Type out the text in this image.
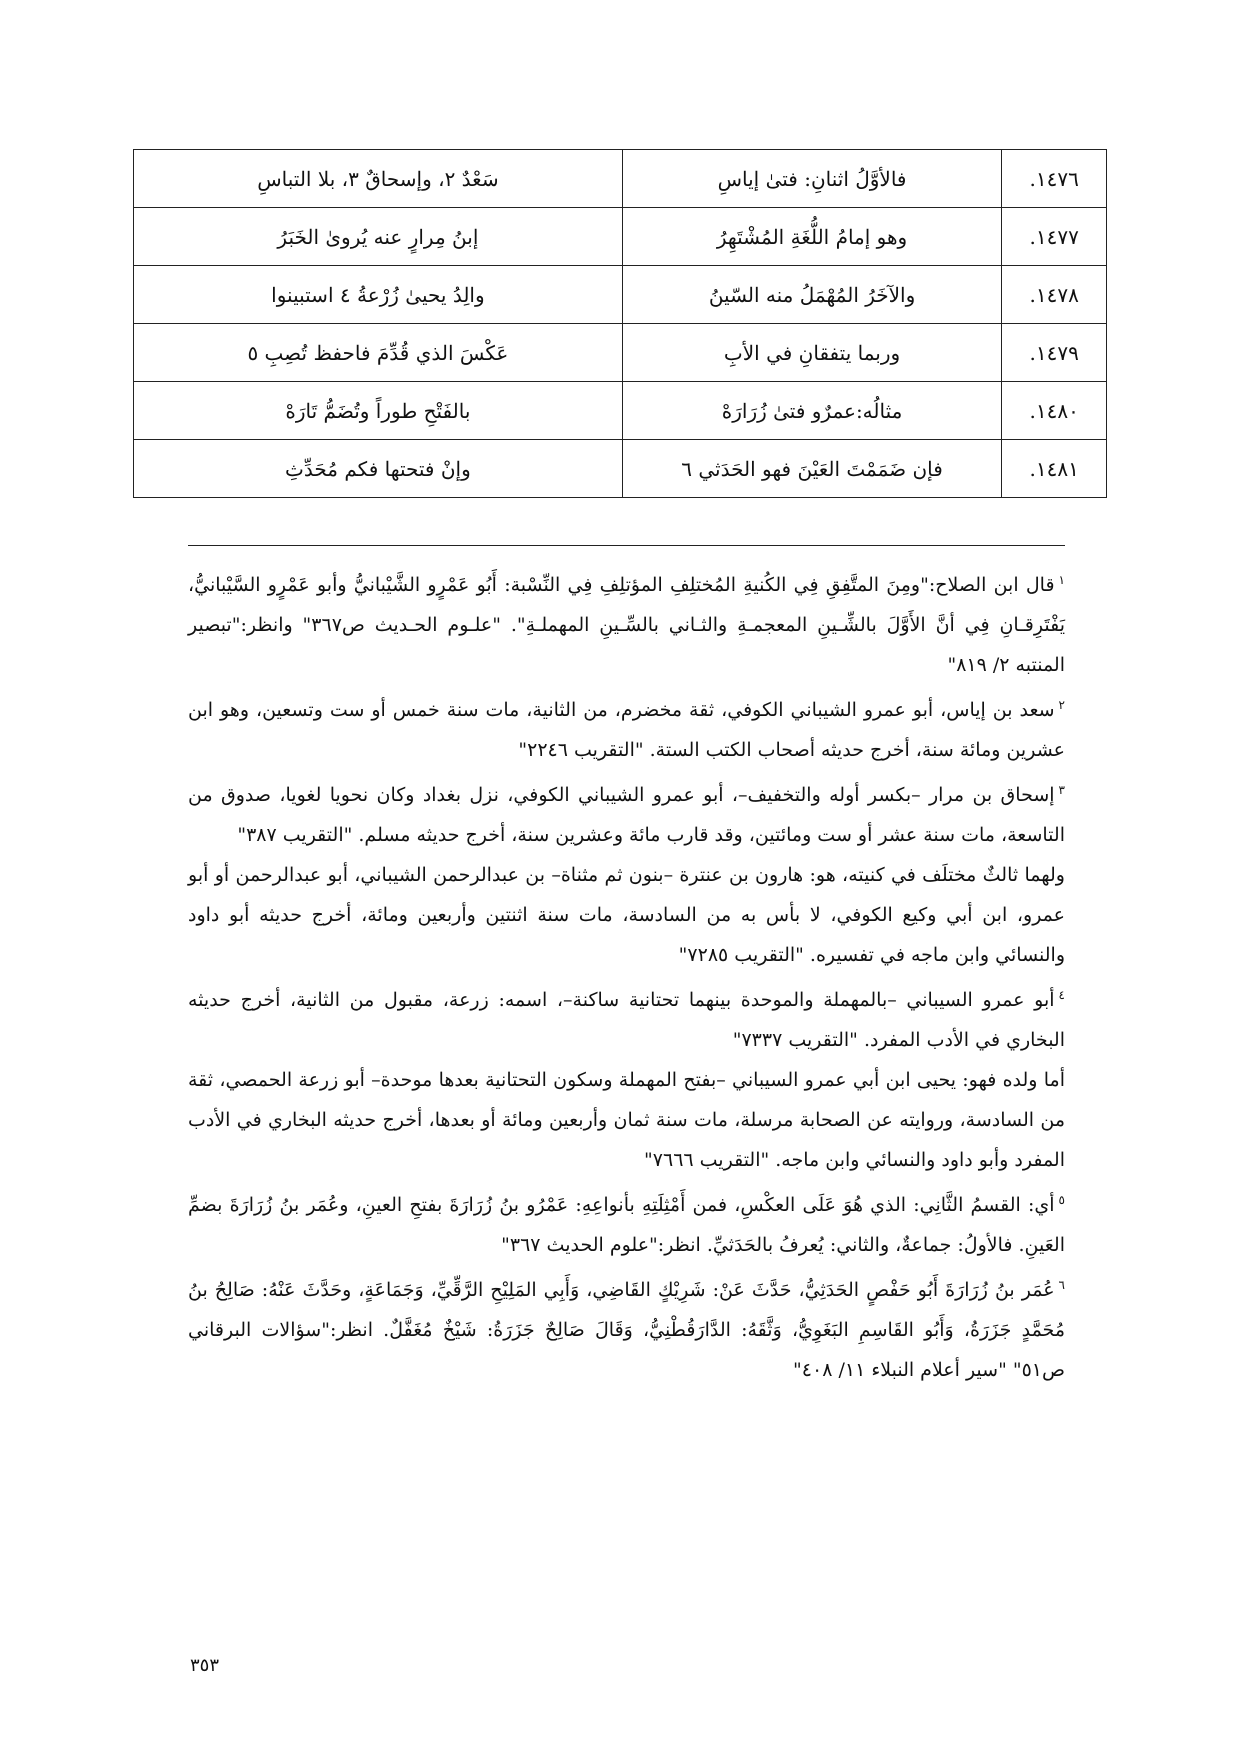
١٤٧٦.	فالأوَّلُ اثنانِ: فتىٰ إياسِ	سَعْدٌ ٢، وإسحاقٌ ٣، بلا التباسِ
١٤٧٧.	وهو إمامُ اللُّغَةِ المُشْتَهِرُ	إبنُ مِرارٍ عنه يُروىٰ الخَبَرُ
١٤٧٨.	والآخَرُ المُهْمَلُ منه السّينُ	والِدُ يحيىٰ زُرْعةُ ٤ استبينوا
١٤٧٩.	وربما يتفقانِ في الأبِ	عَكْسَ الذي قُدِّمَ فاحفظ تُصِبِ ٥
١٤٨٠.	مثالُه:عمرٌو فتىٰ زُرَارَهْ	بالفَتْحِ طوراً وتُضَمُّ تَارَهْ
١٤٨١.	فإن ضَمَمْتَ العَيْنَ فهو الحَدَثي ٦	وإنْ فتحتها فكم مُحَدِّثِ

$^١$قال ابن الصلاح:"ومِنَ المتَّفِقِ فِي الكُنيةِ المُختلِفِ المؤتلِفِ فِي النِّسْبة: أَبُو عَمْرٍو الشَّيْبانيُّ وأبو عَمْرٍو السَّيْبانيُّ، يَفْتَرِقـانِ فِي أنَّ الأَوَّلَ بالشِّـينِ المعجمـةِ والثـاني بالسِّـينِ المهملـةِ". "علـوم الحـديث ص٣٦٧" وانظر:"تبصير المنتبه ٢/ ٨١٩"

$^٢$سعد بن إياس، أبو عمرو الشيباني الكوفي، ثقة مخضرم، من الثانية، مات سنة خمس أو ست وتسعين، وهو ابن عشرين ومائة سنة، أخرج حديثه أصحاب الكتب الستة. "التقريب ٢٢٤٦"

$^٣$إسحاق بن مرار –بكسر أوله والتخفيف–، أبو عمرو الشيباني الكوفي، نزل بغداد وكان نحويا لغويا، صدوق من التاسعة، مات سنة عشر أو ست ومائتين، وقد قارب مائة وعشرين سنة، أخرج حديثه مسلم. "التقريب ٣٨٧"

ولهما ثالثٌ مختلَف في كنيته، هو: هارون بن عنترة –بنون ثم مثناة– بن عبدالرحمن الشيباني، أبو عبدالرحمن أو أبو عمرو، ابن أبي وكيع الكوفي، لا بأس به من السادسة، مات سنة اثنتين وأربعين ومائة، أخرج حديثه أبو داود والنسائي وابن ماجه في تفسيره. "التقريب ٧٢٨٥"

$^٤$أبو عمرو السيباني –بالمهملة والموحدة بينهما تحتانية ساكنة–، اسمه: زرعة، مقبول من الثانية، أخرج حديثه البخاري في الأدب المفرد. "التقريب ٧٣٣٧"

أما ولده فهو: يحيى ابن أبي عمرو السيباني –بفتح المهملة وسكون التحتانية بعدها موحدة– أبو زرعة الحمصي، ثقة من السادسة، وروايته عن الصحابة مرسلة، مات سنة ثمان وأربعين ومائة أو بعدها، أخرج حديثه البخاري في الأدب المفرد وأبو داود والنسائي وابن ماجه. "التقريب ٧٦٦٦"

$^٥$أي: القسمُ الثَّانِي: الذي هُوَ عَلَى العكْسِ، فمن أَمْثِلَتِهِ بأنواعِهِ: عَمْرُو بنُ زُرَارَةَ بفتحِ العينِ، وعُمَر بنُ زُرَارَةَ بضمِّ العَينِ. فالأولُ: جماعةٌ، والثاني: يُعرفُ بالحَدَثيِّ. انظر:"علوم الحديث ٣٦٧"

$^٦$عُمَر بنُ زُرَارَةَ أَبُو حَفْصٍ الحَدَثِيُّ، حَدَّثَ عَنْ: شَرِيْكٍ القَاضِي، وَأَبِي المَلِيْحِ الرَّقِّيِّ، وَجَمَاعَةٍ، وحَدَّثَ عَنْهُ: صَالِحُ بنُ مُحَمَّدٍ جَزَرَةُ، وَأَبُو القَاسِمِ البَغَوِيُّ، وَثَّقَهُ: الدَّارَقُطْنِيُّ، وَقَالَ صَالِحٌ جَزَرَةُ: شَيْخٌ مُغَفَّلٌ. انظر:"سؤالات البرقاني ص٥١" "سير أعلام النبلاء ١١/ ٤٠٨"

٣٥٣
